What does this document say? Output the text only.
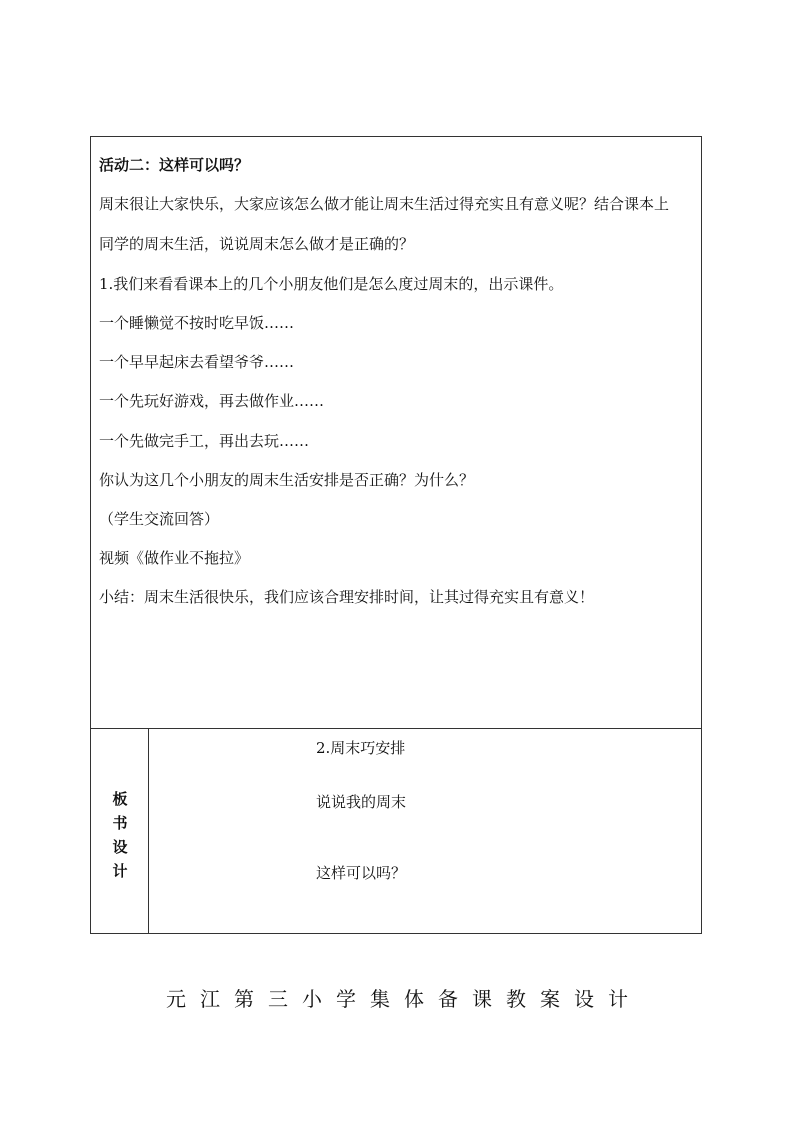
活动二：这样可以吗？
周末很让大家快乐，大家应该怎么做才能让周末生活过得充实且有意义呢？结合课本上
同学的周末生活，说说周末怎么做才是正确的？
1.我们来看看课本上的几个小朋友他们是怎么度过周末的，出示课件。
一个睡懒觉不按时吃早饭……
一个早早起床去看望爷爷……
一个先玩好游戏，再去做作业……
一个先做完手工，再出去玩……
你认为这几个小朋友的周末生活安排是否正确？为什么？
（学生交流回答）
视频《做作业不拖拉》
小结：周末生活很快乐，我们应该合理安排时间，让其过得充实且有意义！
板
书
设
计
2.周末巧安排
说说我的周末
这样可以吗？
元江第三小学集体备课教案设计
